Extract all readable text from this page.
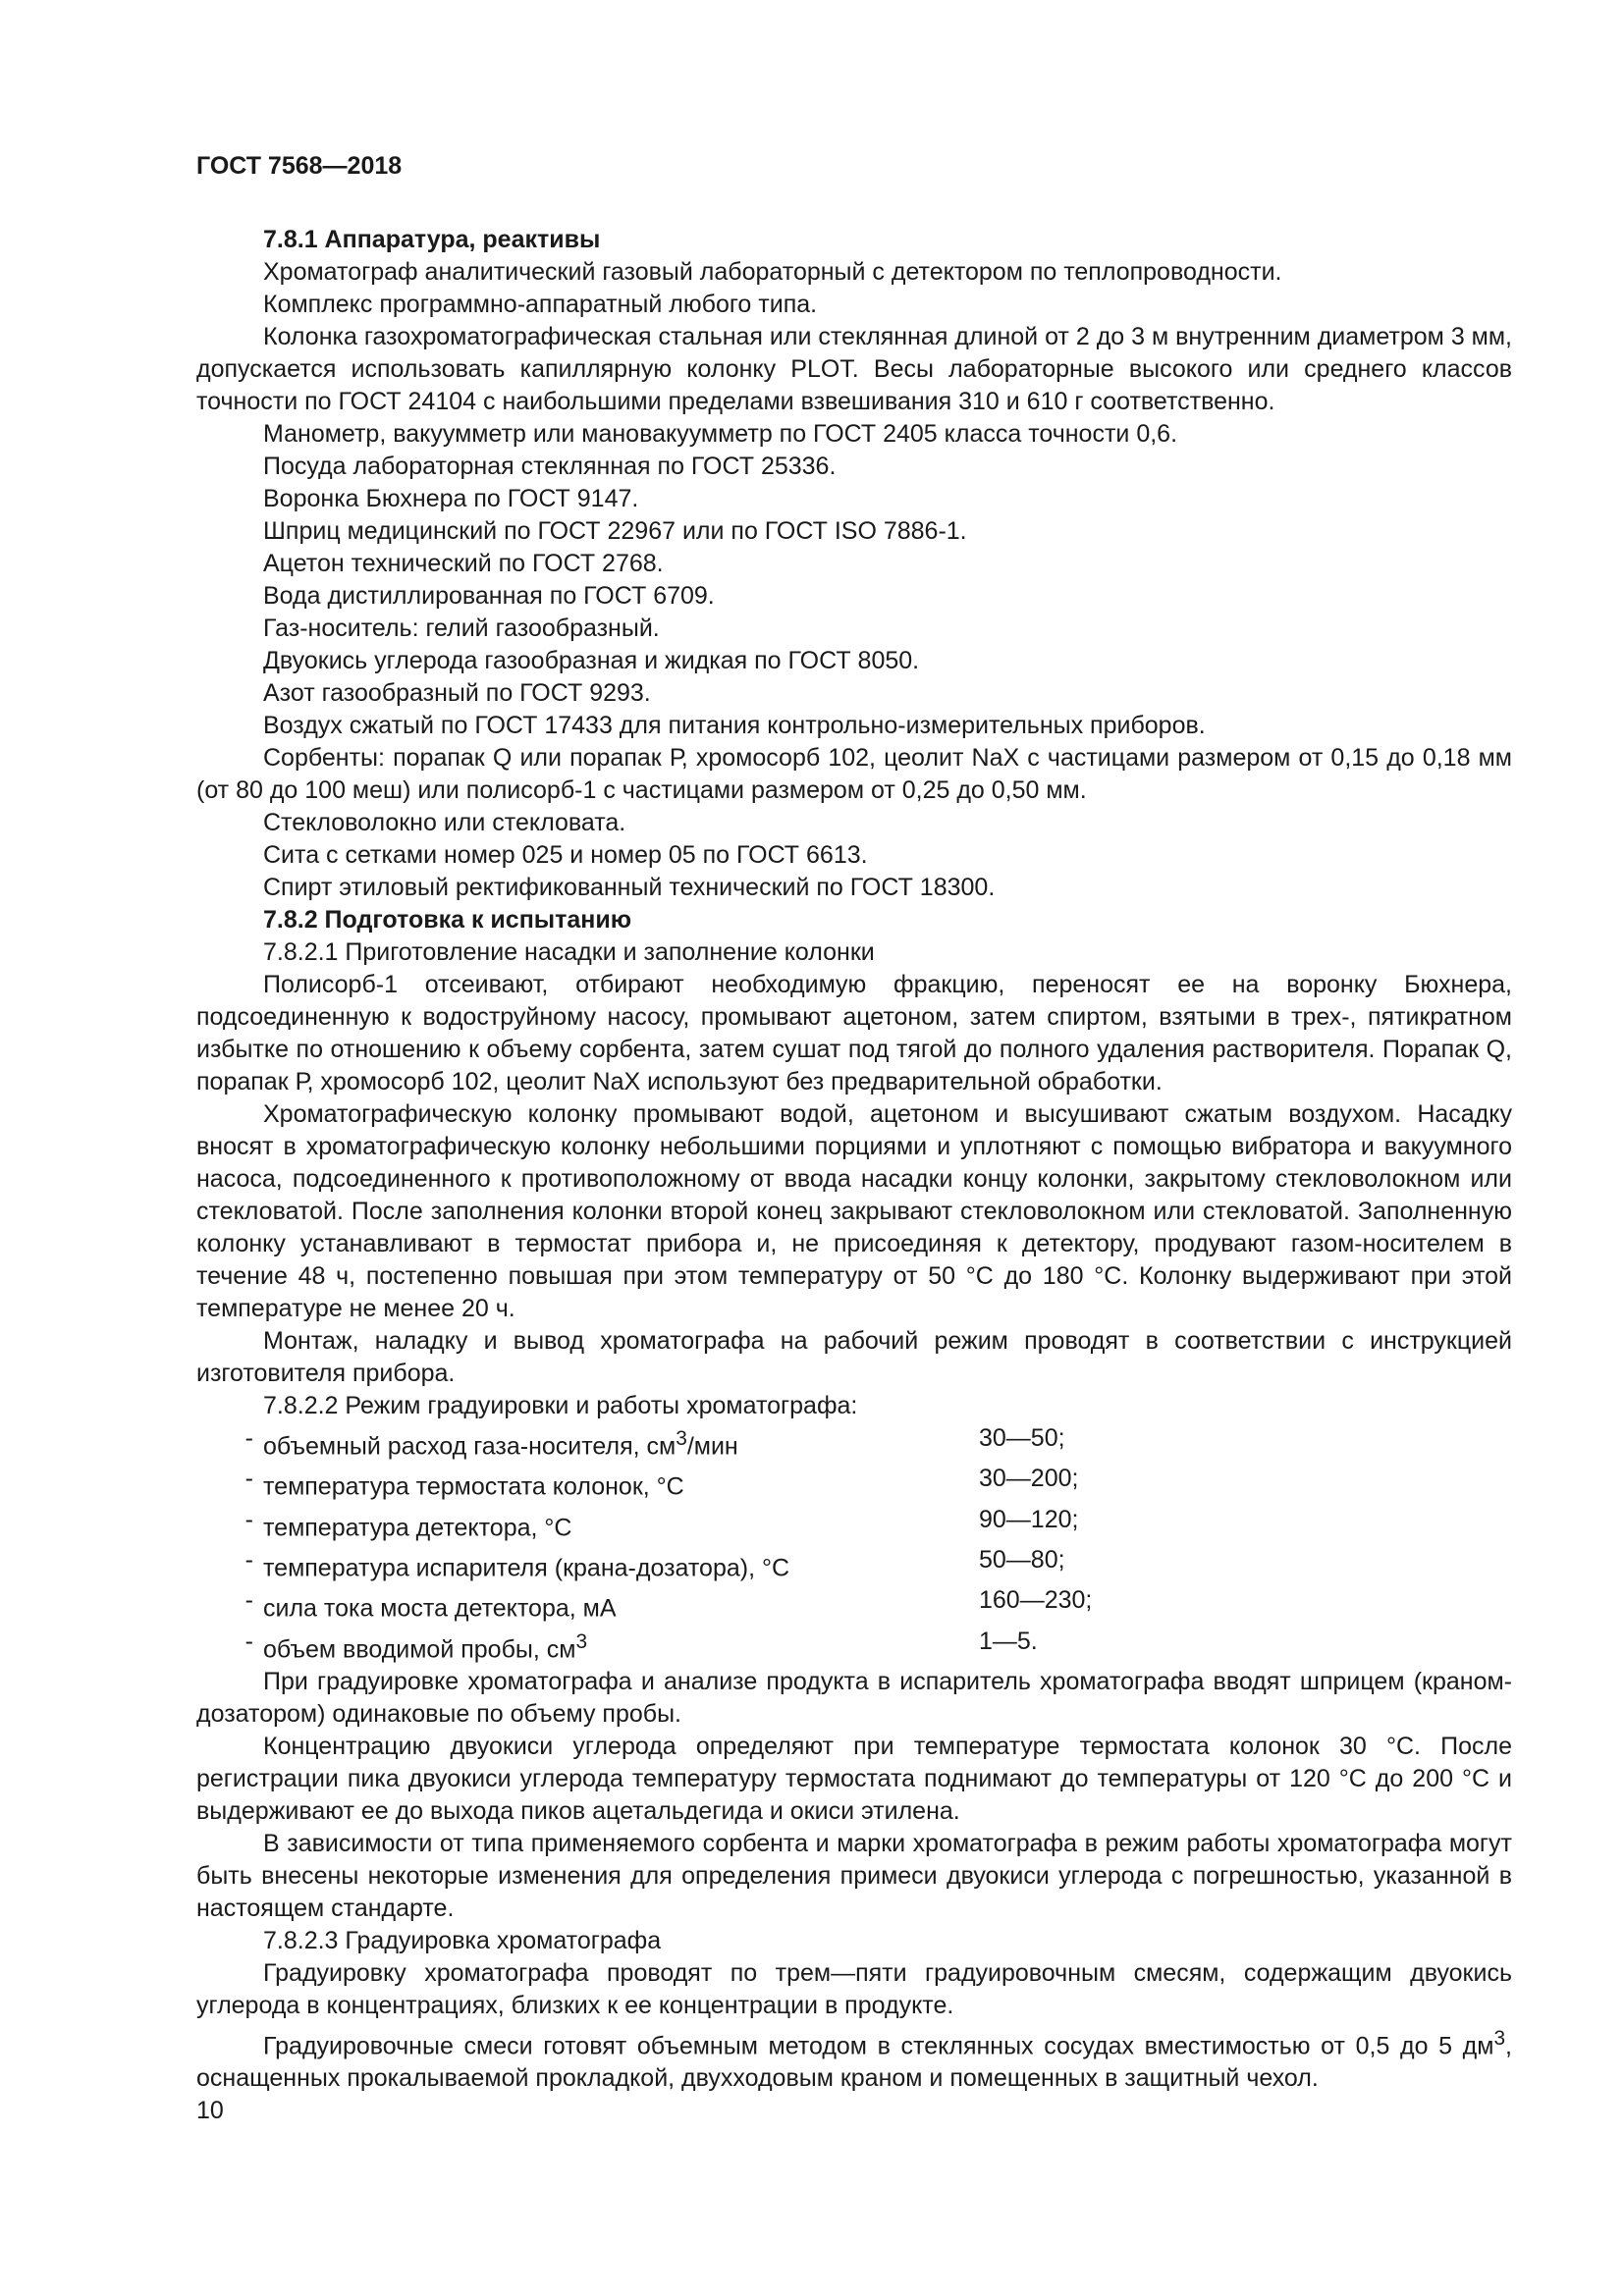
ГОСТ 7568—2018

7.8.1 Аппаратура, реактивы

Хроматограф аналитический газовый лабораторный с детектором по теплопроводности.

Комплекс программно-аппаратный любого типа.

Колонка газохроматографическая стальная или стеклянная длиной от 2 до 3 м внутренним диаметром 3 мм, допускается использовать капиллярную колонку PLOT. Весы лабораторные высокого или среднего классов точности по ГОСТ 24104 с наибольшими пределами взвешивания 310 и 610 г соответственно.

Манометр, вакуумметр или мановакуумметр по ГОСТ 2405 класса точности 0,6.

Посуда лабораторная стеклянная по ГОСТ 25336.

Воронка Бюхнера по ГОСТ 9147.

Шприц медицинский по ГОСТ 22967 или по ГОСТ ISO 7886-1.

Ацетон технический по ГОСТ 2768.

Вода дистиллированная по ГОСТ 6709.

Газ-носитель: гелий газообразный.

Двуокись углерода газообразная и жидкая по ГОСТ 8050.

Азот газообразный по ГОСТ 9293.

Воздух сжатый по ГОСТ 17433 для питания контрольно-измерительных приборов.

Сорбенты: порапак Q или порапак Р, хромосорб 102, цеолит NaX с частицами размером от 0,15 до 0,18 мм (от 80 до 100 меш) или полисорб-1 с частицами размером от 0,25 до 0,50 мм.

Стекловолокно или стекловата.

Сита с сетками номер 025 и номер 05 по ГОСТ 6613.

Спирт этиловый ректификованный технический по ГОСТ 18300.

7.8.2 Подготовка к испытанию

7.8.2.1 Приготовление насадки и заполнение колонки

Полисорб-1 отсеивают, отбирают необходимую фракцию, переносят ее на воронку Бюхнера, подсоединенную к водоструйному насосу, промывают ацетоном, затем спиртом, взятыми в трех-, пятикратном избытке по отношению к объему сорбента, затем сушат под тягой до полного удаления растворителя. Порапак Q, порапак Р, хромосорб 102, цеолит NaX используют без предварительной обработки.

Хроматографическую колонку промывают водой, ацетоном и высушивают сжатым воздухом. Насадку вносят в хроматографическую колонку небольшими порциями и уплотняют с помощью вибратора и вакуумного насоса, подсоединенного к противоположному от ввода насадки концу колонки, закрытому стекловолокном или стекловатой. После заполнения колонки второй конец закрывают стекловолокном или стекловатой. Заполненную колонку устанавливают в термостат прибора и, не присоединяя к детектору, продувают газом-носителем в течение 48 ч, постепенно повышая при этом температуру от 50 °С до 180 °С. Колонку выдерживают при этой температуре не менее 20 ч.

Монтаж, наладку и вывод хроматографа на рабочий режим проводят в соответствии с инструкцией изготовителя прибора.

7.8.2.2 Режим градуировки и работы хроматографа:

- объемный расход газа-носителя, $см^3$/мин	30—50;
- температура термостата колонок, °С	30—200;
- температура детектора, °С	90—120;
- температура испарителя (крана-дозатора), °С	50—80;
- сила тока моста детектора, мА	160—230;
- объем вводимой пробы, $см^3$	1—5.

При градуировке хроматографа и анализе продукта в испаритель хроматографа вводят шприцем (краном-дозатором) одинаковые по объему пробы.

Концентрацию двуокиси углерода определяют при температуре термостата колонок 30 °С. После регистрации пика двуокиси углерода температуру термостата поднимают до температуры от 120 °С до 200 °С и выдерживают ее до выхода пиков ацетальдегида и окиси этилена.

В зависимости от типа применяемого сорбента и марки хроматографа в режим работы хроматографа могут быть внесены некоторые изменения для определения примеси двуокиси углерода с погрешностью, указанной в настоящем стандарте.

7.8.2.3 Градуировка хроматографа

Градуировку хроматографа проводят по трем—пяти градуировочным смесям, содержащим двуокись углерода в концентрациях, близких к ее концентрации в продукте.

Градуировочные смеси готовят объемным методом в стеклянных сосудах вместимостью от 0,5 до 5 $дм^3$, оснащенных прокалываемой прокладкой, двухходовым краном и помещенных в защитный чехол.

10
